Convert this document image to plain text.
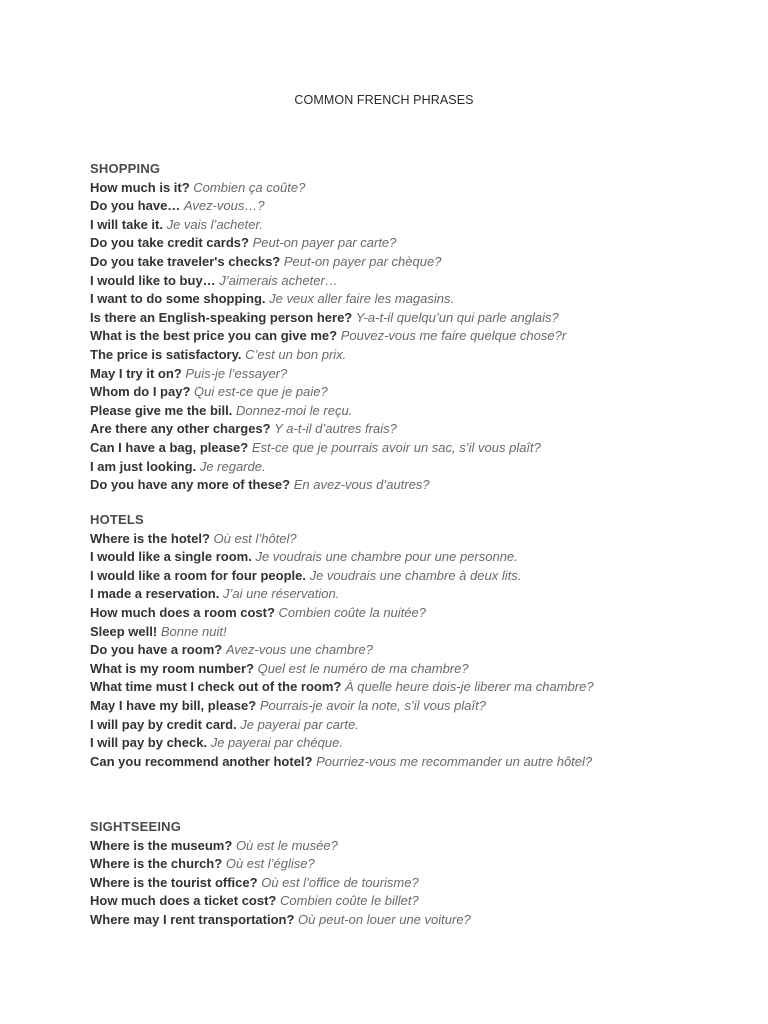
COMMON FRENCH PHRASES
SHOPPING
How much is it? Combien ça coûte?
Do you have… Avez-vous…?
I will take it. Je vais l’acheter.
Do you take credit cards? Peut-on payer par carte?
Do you take traveler's checks? Peut-on payer par chèque?
I would like to buy… J’aimerais acheter…
I want to do some shopping. Je veux aller faire les magasins.
Is there an English-speaking person here? Y-a-t-il quelqu’un qui parle anglais?
What is the best price you can give me? Pouvez-vous me faire quelque chose?r
The price is satisfactory. C’est un bon prix.
May I try it on? Puis-je l’essayer?
Whom do I pay? Qui est-ce que je paie?
Please give me the bill. Donnez-moi le reçu.
Are there any other charges? Y a-t-il d’autres frais?
Can I have a bag, please? Est-ce que je pourrais avoir un sac, s’il vous plaît?
I am just looking. Je regarde.
Do you have any more of these? En avez-vous d’autres?
HOTELS
Where is the hotel? Où est l’hôtel?
I would like a single room. Je voudrais une chambre pour une personne.
I would like a room for four people. Je voudrais une chambre à deux lits.
I made a reservation. J’ai une réservation.
How much does a room cost? Combien coûte la nuitée?
Sleep well! Bonne nuit!
Do you have a room? Avez-vous une chambre?
What is my room number? Quel est le numéro de ma chambre?
What time must I check out of the room? À quelle heure dois-je liberer ma chambre?
May I have my bill, please? Pourrais-je avoir la note, s’il vous plaît?
I will pay by credit card. Je payerai par carte.
I will pay by check. Je payerai par chéque.
Can you recommend another hotel? Pourriez-vous me recommander un autre hôtel?
SIGHTSEEING
Where is the museum? Où est le musée?
Where is the church? Où est l’église?
Where is the tourist office? Où est l’office de tourisme?
How much does a ticket cost? Combien coûte le billet?
Where may I rent transportation? Où peut-on louer une voiture?
